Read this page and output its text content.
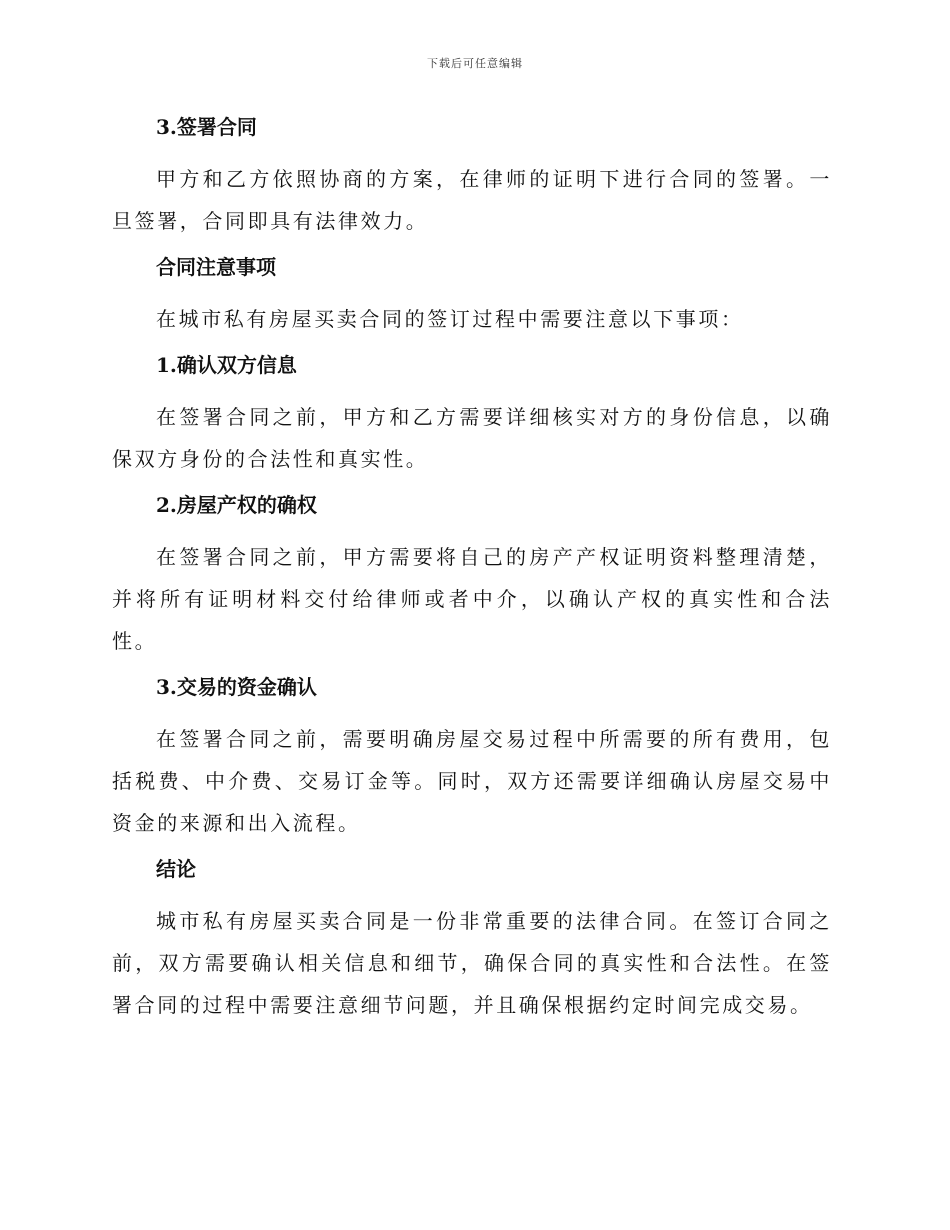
下载后可任意编辑
3.签署合同

甲方和乙方依照协商的方案，在律师的证明下进行合同的签署。一旦签署，合同即具有法律效力。

合同注意事项

在城市私有房屋买卖合同的签订过程中需要注意以下事项：

1.确认双方信息

在签署合同之前，甲方和乙方需要详细核实对方的身份信息，以确保双方身份的合法性和真实性。

2.房屋产权的确权

在签署合同之前，甲方需要将自己的房产产权证明资料整理清楚，并将所有证明材料交付给律师或者中介，以确认产权的真实性和合法性。

3.交易的资金确认

在签署合同之前，需要明确房屋交易过程中所需要的所有费用，包括税费、中介费、交易订金等。同时，双方还需要详细确认房屋交易中资金的来源和出入流程。

结论

城市私有房屋买卖合同是一份非常重要的法律合同。在签订合同之前，双方需要确认相关信息和细节，确保合同的真实性和合法性。在签署合同的过程中需要注意细节问题，并且确保根据约定时间完成交易。
